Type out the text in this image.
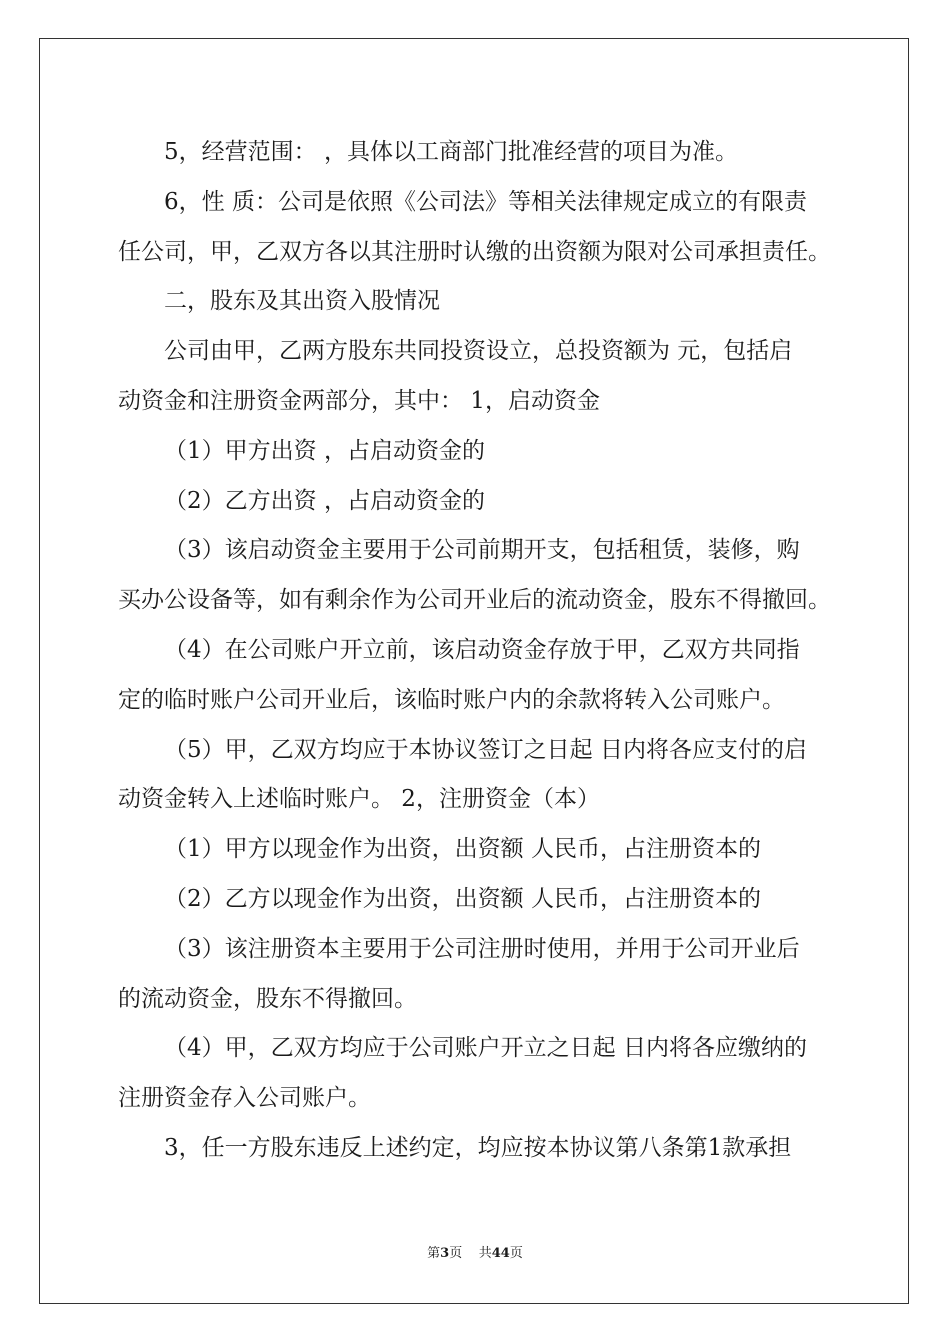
5，经营范围： ，具体以工商部门批准经营的项目为准。

6，性 质：公司是依照《公司法》等相关法律规定成立的有限责

任公司，甲，乙双方各以其注册时认缴的出资额为限对公司承担责任。

二，股东及其出资入股情况

公司由甲，乙两方股东共同投资设立，总投资额为 元，包括启

动资金和注册资金两部分，其中： 1，启动资金

（1）甲方出资 ，占启动资金的

（2）乙方出资 ，占启动资金的

（3）该启动资金主要用于公司前期开支，包括租赁，装修，购

买办公设备等，如有剩余作为公司开业后的流动资金，股东不得撤回。

（4）在公司账户开立前，该启动资金存放于甲，乙双方共同指

定的临时账户公司开业后，该临时账户内的余款将转入公司账户。

（5）甲，乙双方均应于本协议签订之日起 日内将各应支付的启

动资金转入上述临时账户。 2，注册资金（本）

（1）甲方以现金作为出资，出资额 人民币，占注册资本的

（2）乙方以现金作为出资，出资额 人民币，占注册资本的

（3）该注册资本主要用于公司注册时使用，并用于公司开业后

的流动资金，股东不得撤回。

（4）甲，乙双方均应于公司账户开立之日起 日内将各应缴纳的

注册资金存入公司账户。

3，任一方股东违反上述约定，均应按本协议第八条第1款承担

第3页 共44页
